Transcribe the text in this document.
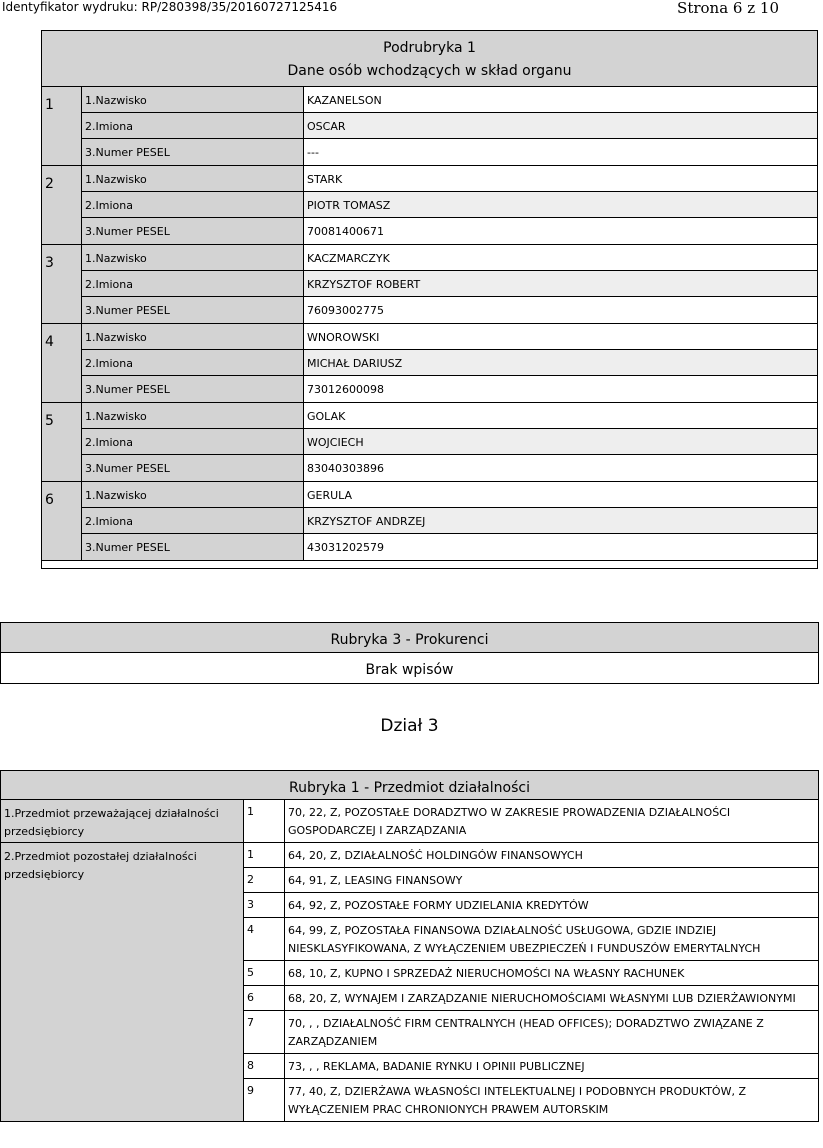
Identyfikator wydruku: RP/280398/35/20160727125416	Strona 6 z 10
Podrubryka 1
Dane osób wchodzących w skład organu
1	1.Nazwisko	KAZANELSON
2.Imiona	OSCAR
3.Numer PESEL	---
2	1.Nazwisko	STARK
2.Imiona	PIOTR TOMASZ
3.Numer PESEL	70081400671
3	1.Nazwisko	KACZMARCZYK
2.Imiona	KRZYSZTOF ROBERT
3.Numer PESEL	76093002775
4	1.Nazwisko	WNOROWSKI
2.Imiona	MICHAŁ DARIUSZ
3.Numer PESEL	73012600098
5	1.Nazwisko	GOLAK
2.Imiona	WOJCIECH
3.Numer PESEL	83040303896
6	1.Nazwisko	GERULA
2.Imiona	KRZYSZTOF ANDRZEJ
3.Numer PESEL	43031202579
Rubryka 3 - Prokurenci
Brak wpisów
Dział 3
Rubryka 1 - Przedmiot działalności
1.Przedmiot przeważającej działalności przedsiębiorcy
1	70, 22, Z, POZOSTAŁE DORADZTWO W ZAKRESIE PROWADZENIA DZIAŁALNOŚCI GOSPODARCZEJ I ZARZĄDZANIA
2.Przedmiot pozostałej działalności przedsiębiorcy
1	64, 20, Z, DZIAŁALNOŚĆ HOLDINGÓW FINANSOWYCH
2	64, 91, Z, LEASING FINANSOWY
3	64, 92, Z, POZOSTAŁE FORMY UDZIELANIA KREDYTÓW
4	64, 99, Z, POZOSTAŁA FINANSOWA DZIAŁALNOŚĆ USŁUGOWA, GDZIE INDZIEJ NIESKLASYFIKOWANA, Z WYŁĄCZENIEM UBEZPIECZEŃ I FUNDUSZÓW EMERYTALNYCH
5	68, 10, Z, KUPNO I SPRZEDAŻ NIERUCHOMOŚCI NA WŁASNY RACHUNEK
6	68, 20, Z, WYNAJEM I ZARZĄDZANIE NIERUCHOMOŚCIAMI WŁASNYMI LUB DZIERŻAWIONYMI
7	70, , , DZIAŁALNOŚĆ FIRM CENTRALNYCH (HEAD OFFICES); DORADZTWO ZWIĄZANE Z ZARZĄDZANIEM
8	73, , , REKLAMA, BADANIE RYNKU I OPINII PUBLICZNEJ
9	77, 40, Z, DZIERŻAWA WŁASNOŚCI INTELEKTUALNEJ I PODOBNYCH PRODUKTÓW, Z WYŁĄCZENIEM PRAC CHRONIONYCH PRAWEM AUTORSKIM
